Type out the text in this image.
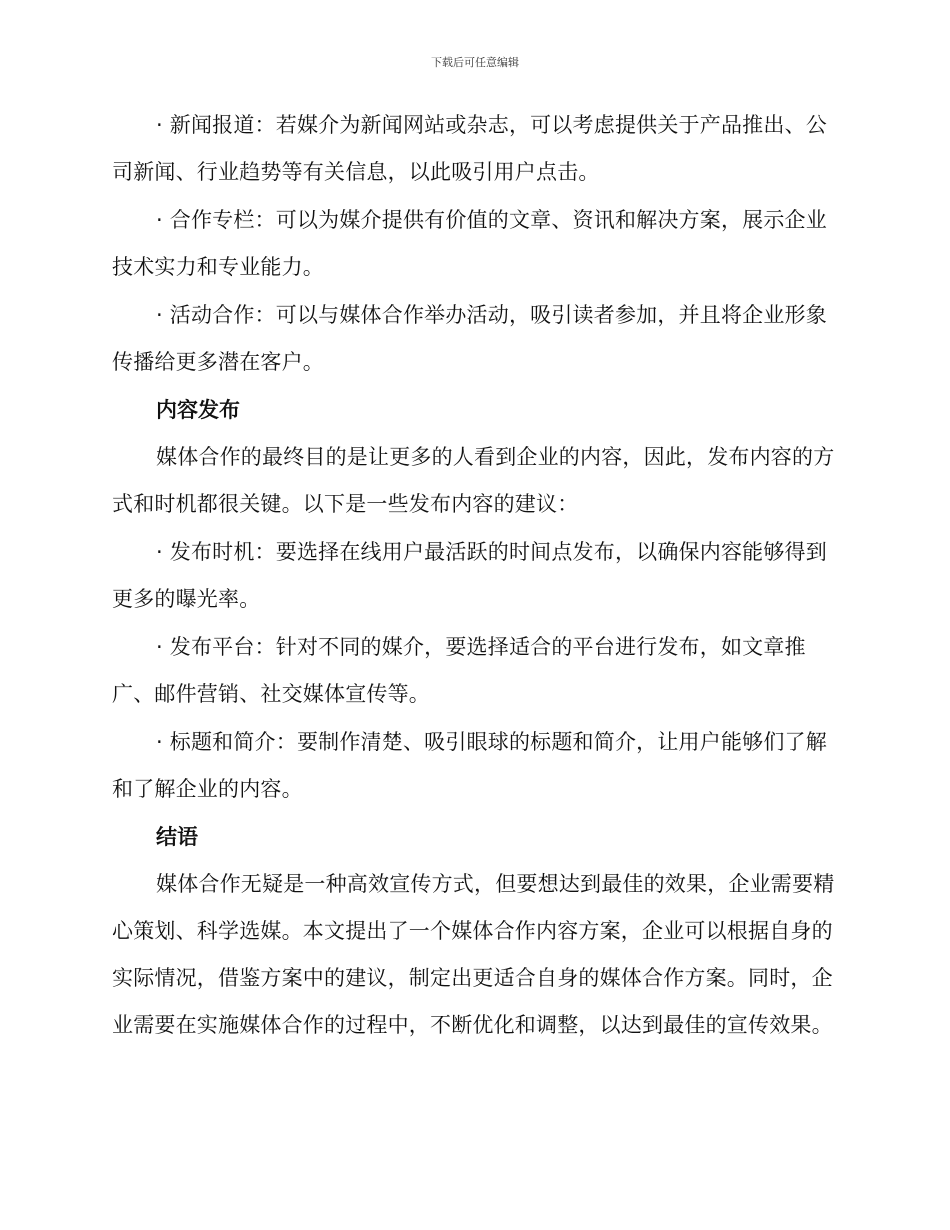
下载后可任意编辑

· 新闻报道：若媒介为新闻网站或杂志，可以考虑提供关于产品推出、公司新闻、行业趋势等有关信息，以此吸引用户点击。

· 合作专栏：可以为媒介提供有价值的文章、资讯和解决方案，展示企业技术实力和专业能力。

· 活动合作：可以与媒体合作举办活动，吸引读者参加，并且将企业形象传播给更多潜在客户。

内容发布

媒体合作的最终目的是让更多的人看到企业的内容，因此，发布内容的方式和时机都很关键。以下是一些发布内容的建议：

· 发布时机：要选择在线用户最活跃的时间点发布，以确保内容能够得到更多的曝光率。

· 发布平台：针对不同的媒介，要选择适合的平台进行发布，如文章推广、邮件营销、社交媒体宣传等。

· 标题和简介：要制作清楚、吸引眼球的标题和简介，让用户能够们了解和了解企业的内容。

结语

媒体合作无疑是一种高效宣传方式，但要想达到最佳的效果，企业需要精心策划、科学选媒。本文提出了一个媒体合作内容方案，企业可以根据自身的实际情况，借鉴方案中的建议，制定出更适合自身的媒体合作方案。同时，企业需要在实施媒体合作的过程中，不断优化和调整，以达到最佳的宣传效果。
